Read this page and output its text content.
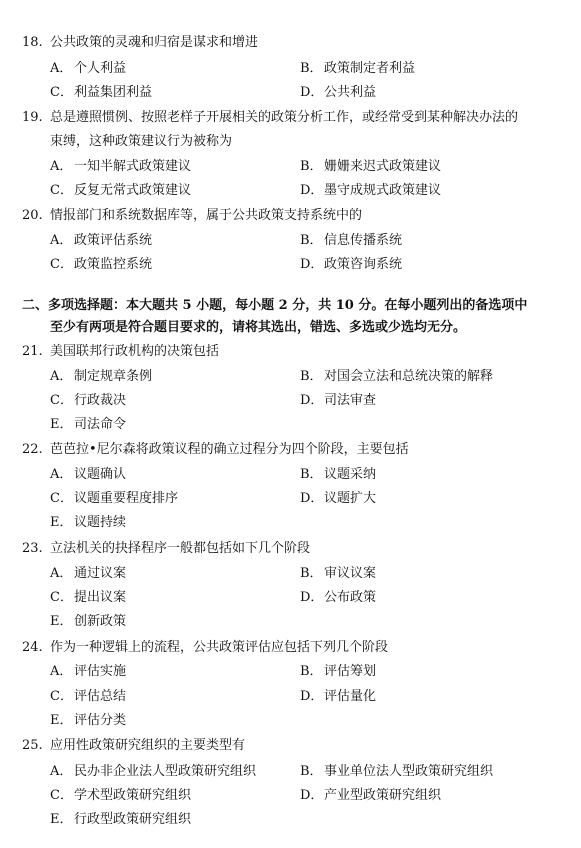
18. 公共政策的灵魂和归宿是谋求和增进
A． 个人利益	B．政策制定者利益
C．利益集团利益	D．公共利益
19. 总是遵照惯例、按照老样子开展相关的政策分析工作，或经常受到某种解决办法的
束缚，这种政策建议行为被称为
A． 一知半解式政策建议	B．姗姗来迟式政策建议
C．反复无常式政策建议	D．墨守成规式政策建议
20. 情报部门和系统数据库等，属于公共政策支持系统中的
A． 政策评估系统	B．信息传播系统
C．政策监控系统	D．政策咨询系统
二、多项选择题：本大题共 5 小题，每小题 2 分，共 10 分。在每小题列出的备选项中
至少有两项是符合题目要求的，请将其选出，错选、多选或少选均无分。
21. 美国联邦行政机构的决策包括
A． 制定规章条例	B．对国会立法和总统决策的解释
C．行政裁决	D．司法审查
E． 司法命令
22. 芭芭拉•尼尔森将政策议程的确立过程分为四个阶段，主要包括
A． 议题确认	B．议题采纳
C．议题重要程度排序	D．议题扩大
E． 议题持续
23. 立法机关的抉择程序一般都包括如下几个阶段
A． 通过议案	B．审议议案
C．提出议案	D．公布政策
E． 创新政策
24. 作为一种逻辑上的流程，公共政策评估应包括下列几个阶段
A． 评估实施	B．评估筹划
C．评估总结	D．评估量化
E． 评估分类
25. 应用性政策研究组织的主要类型有
A． 民办非企业法人型政策研究组织	B．事业单位法人型政策研究组织
C．学术型政策研究组织	D．产业型政策研究组织
E． 行政型政策研究组织
